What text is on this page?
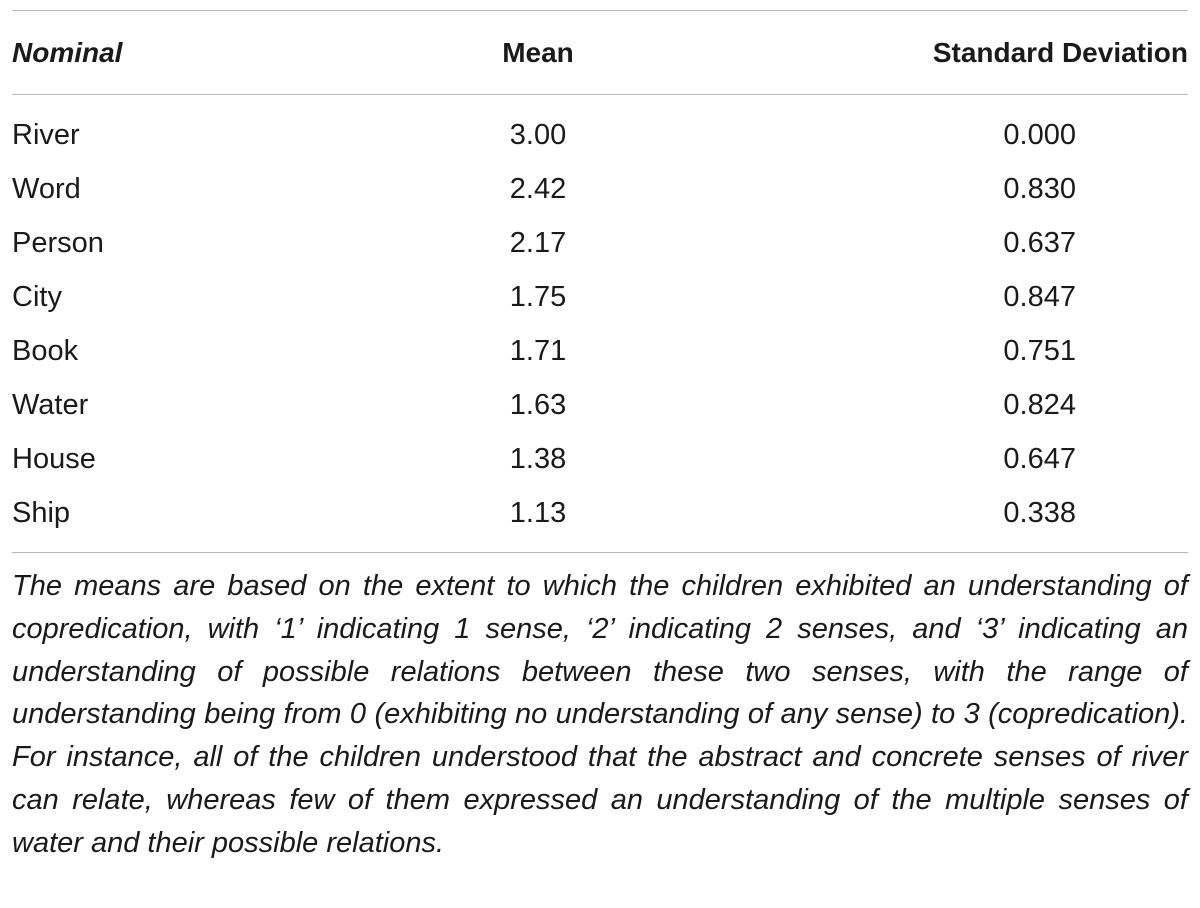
Nominal	Mean	Standard Deviation
River	3.00	0.000
Word	2.42	0.830
Person	2.17	0.637
City	1.75	0.847
Book	1.71	0.751
Water	1.63	0.824
House	1.38	0.647
Ship	1.13	0.338

The means are based on the extent to which the children exhibited an understanding of copredication, with ‘1’ indicating 1 sense, ‘2’ indicating 2 senses, and ‘3’ indicating an understanding of possible relations between these two senses, with the range of understanding being from 0 (exhibiting no understanding of any sense) to 3 (copredication). For instance, all of the children understood that the abstract and concrete senses of river can relate, whereas few of them expressed an understanding of the multiple senses of water and their possible relations.
